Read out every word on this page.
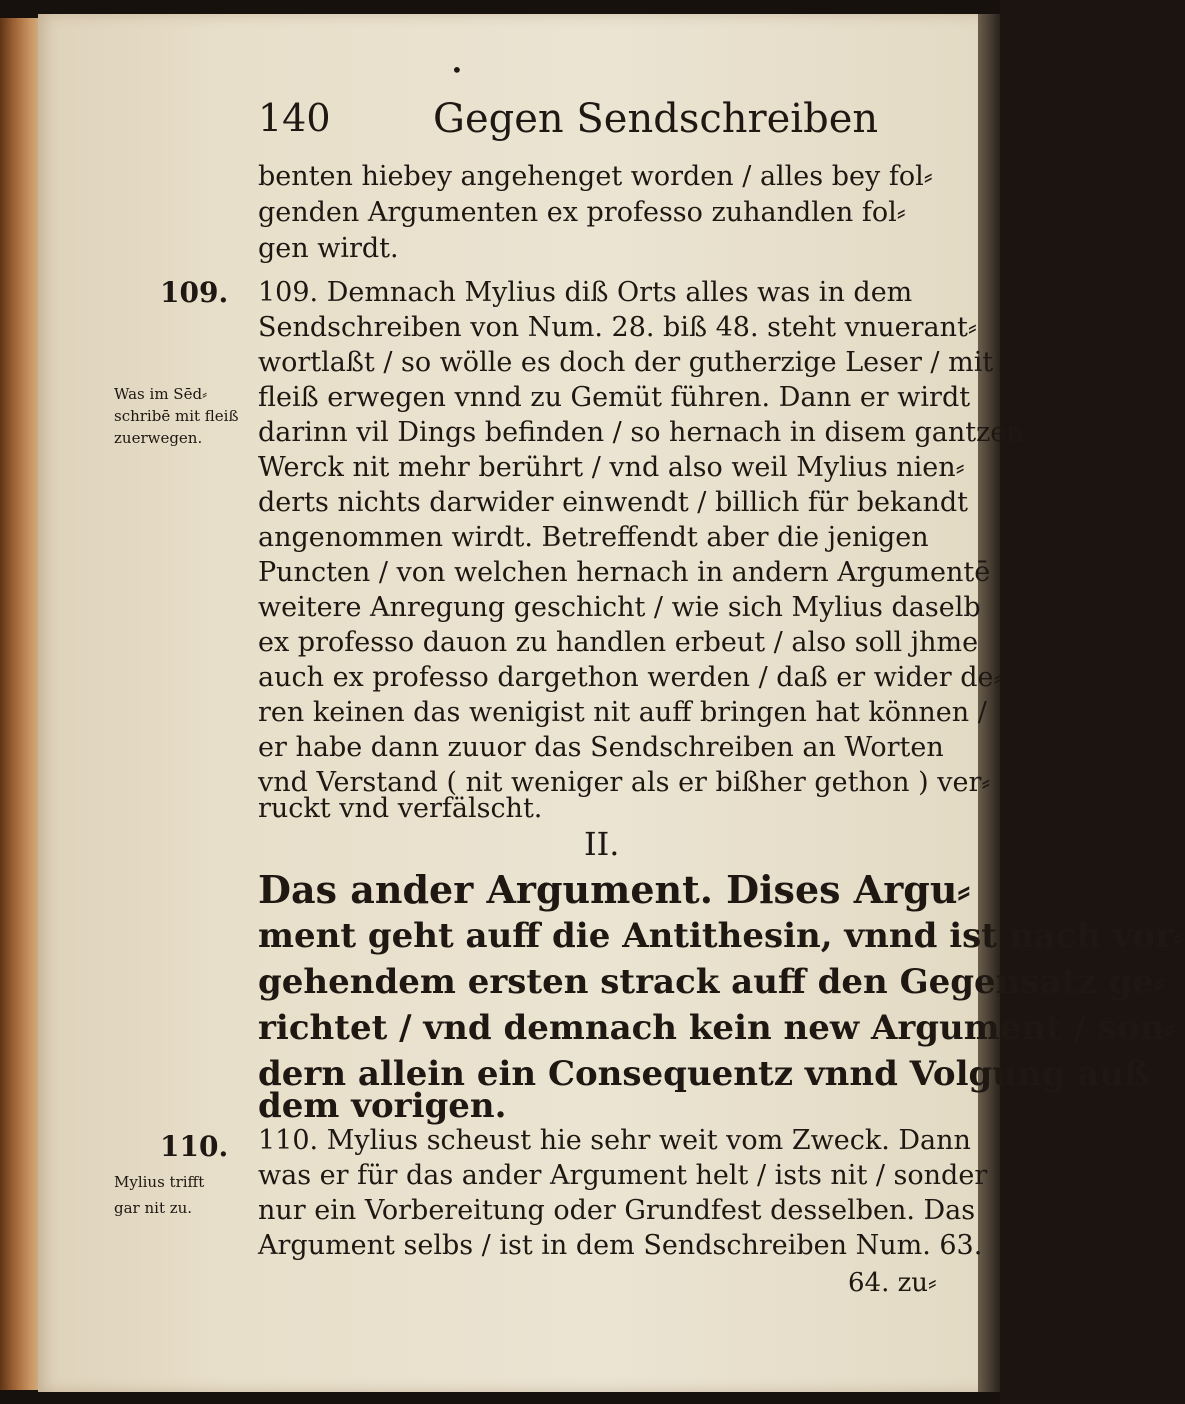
•
140	Gegen Sendschreiben
benten hiebey angehenget worden / alles bey fol⸗
genden Argumenten ex professo zuhandlen fol⸗
gen wirdt.
109. Demnach Mylius diß Orts alles was in dem
Sendschreiben von Num. 28. biß 48. steht vnuerant⸗
wortlaßt / so wölle es doch der gutherzige Leser / mit
fleiß erwegen vnnd zu Gemüt führen. Dann er wirdt
darinn vil Dings befinden / so hernach in disem gantzen
Werck nit mehr berührt / vnd also weil Mylius nien⸗
derts nichts darwider einwendt / billich für bekandt
angenommen wirdt. Betreffendt aber die jenigen
Puncten / von welchen hernach in andern Argumentē
weitere Anregung geschicht / wie sich Mylius daselb
ex professo dauon zu handlen erbeut / also soll jhme
auch ex professo dargethon werden / daß er wider de⸗
ren keinen das wenigist nit auff bringen hat können /
er habe dann zuuor das Sendschreiben an Worten
vnd Verstand ( nit weniger als er bißher gethon ) ver⸗
ruckt vnd verfälscht.
II.
Das ander Argument. Dises Argu⸗
ment geht auff die Antithesin, vnnd ist nach vor⸗
gehendem ersten strack auff den Gegensatz ge⸗
richtet / vnd demnach kein new Argument / son⸗
dern allein ein Consequentz vnnd Volgung auß
dem vorigen.
110. Mylius scheust hie sehr weit vom Zweck. Dann
was er für das ander Argument helt / ists nit / sonder
nur ein Vorbereitung oder Grundfest desselben. Das
Argument selbs / ist in dem Sendschreiben Num. 63.
64. zu⸗
109.
Was im Sēd⸗
schribē mit fleiß
zuerwegen.
110.
Mylius trifft
gar nit zu.
